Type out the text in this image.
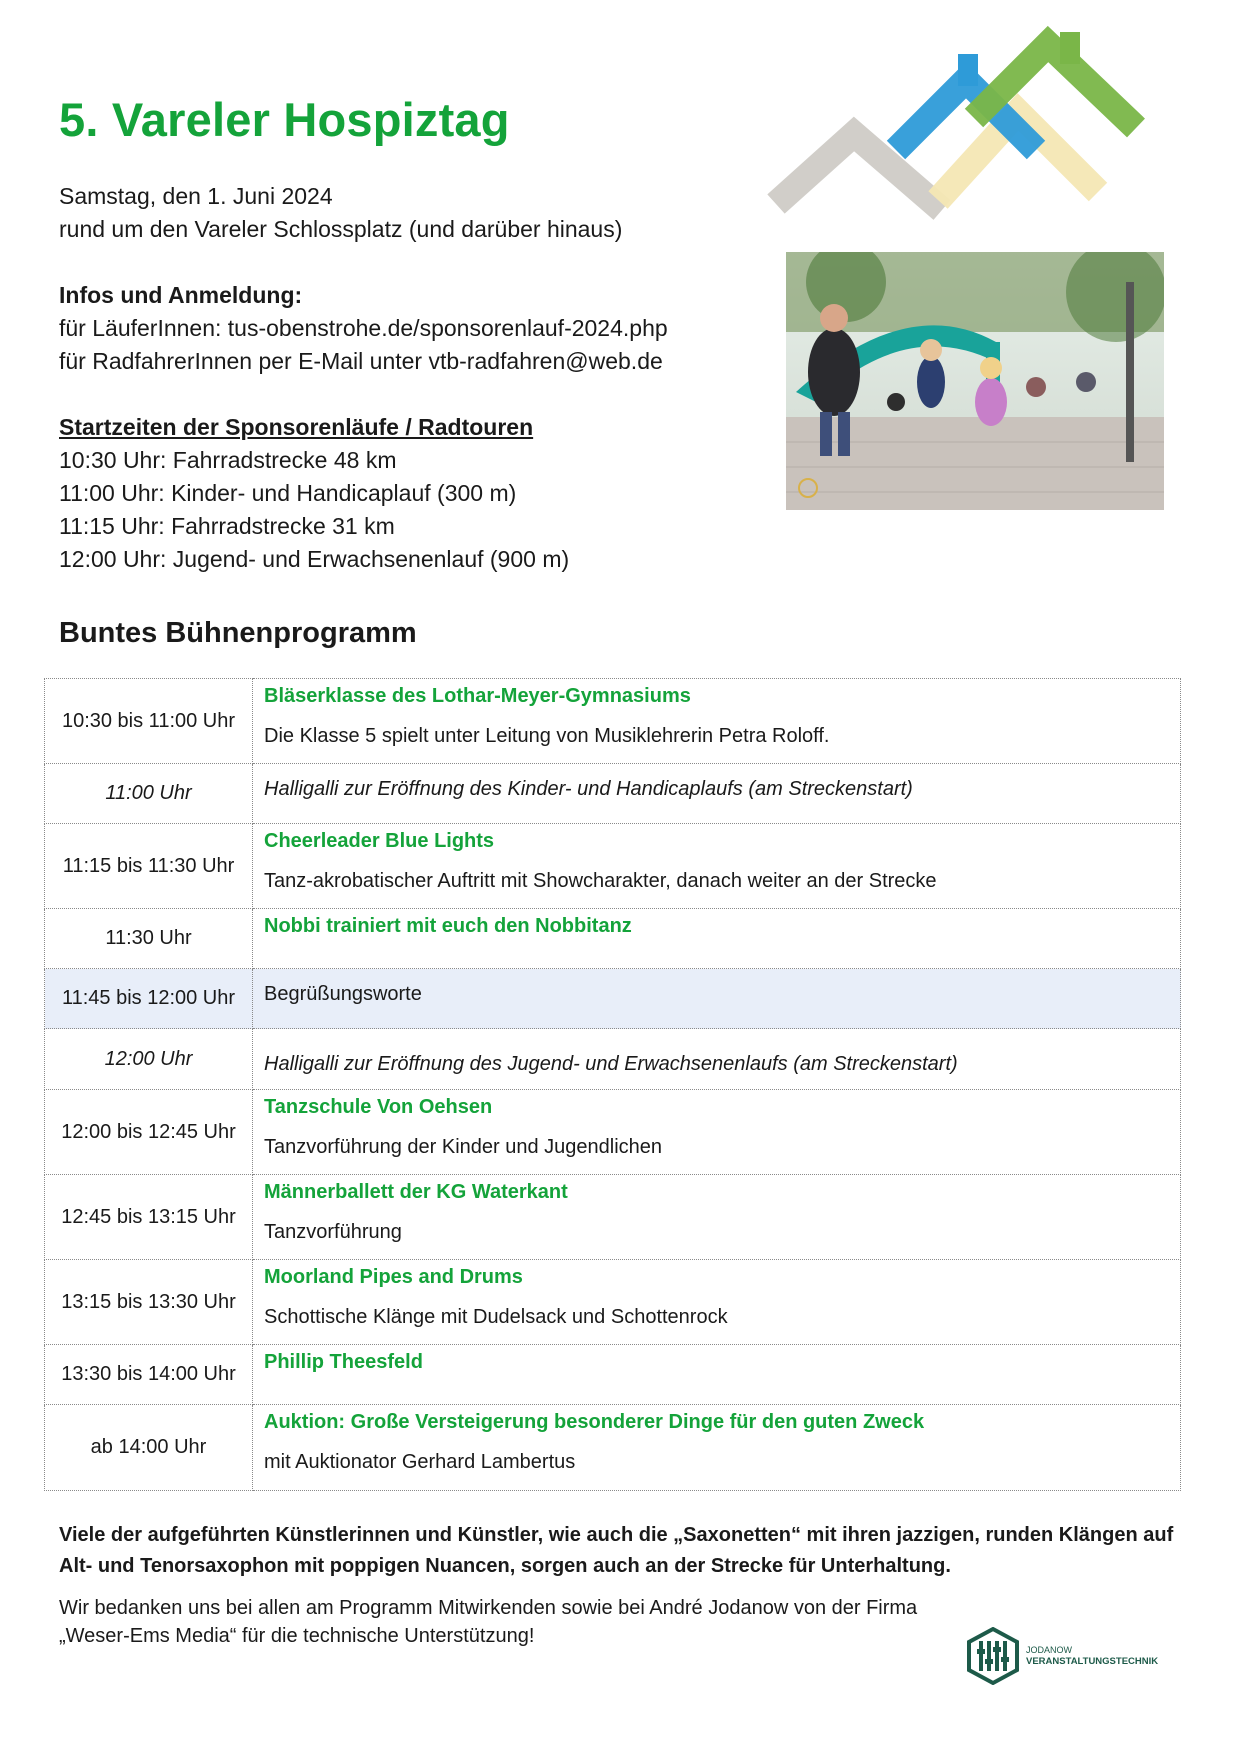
5. Vareler Hospiztag

Samstag, den 1. Juni 2024

rund um den Vareler Schlossplatz (und darüber hinaus)

Infos und Anmeldung:

für LäuferInnen: tus-obenstrohe.de/sponsorenlauf-2024.php

für RadfahrerInnen per E-Mail unter vtb-radfahren@web.de

Startzeiten der Sponsorenläufe / Radtouren

10:30 Uhr: Fahrradstrecke 48 km

11:00 Uhr: Kinder- und Handicaplauf (300 m)

11:15 Uhr: Fahrradstrecke 31 km

12:00 Uhr: Jugend- und Erwachsenenlauf (900 m)

Buntes Bühnenprogramm
10:30 bis 11:00 Uhr	Bläserklasse des Lothar-Meyer-Gymnasiums
Die Klasse 5 spielt unter Leitung von Musiklehrerin Petra Roloff.

11:00 Uhr	Halligalli zur Eröffnung des Kinder- und Handicaplaufs (am Streckenstart)

11:15 bis 11:30 Uhr	Cheerleader Blue Lights
Tanz-akrobatischer Auftritt mit Showcharakter, danach weiter an der Strecke

11:30 Uhr	Nobbi trainiert mit euch den Nobbitanz

11:45 bis 12:00 Uhr	Begrüßungsworte

12:00 Uhr	Halligalli zur Eröffnung des Jugend- und Erwachsenenlaufs (am Streckenstart)

12:00 bis 12:45 Uhr	Tanzschule Von Oehsen
Tanzvorführung der Kinder und Jugendlichen

12:45 bis 13:15 Uhr	Männerballett der KG Waterkant
Tanzvorführung

13:15 bis 13:30 Uhr	Moorland Pipes and Drums
Schottische Klänge mit Dudelsack und Schottenrock

13:30 bis 14:00 Uhr	Phillip Theesfeld

ab 14:00 Uhr	Auktion: Große Versteigerung besonderer Dinge für den guten Zweck
mit Auktionator Gerhard Lambertus

Viele der aufgeführten Künstlerinnen und Künstler, wie auch die „Saxonetten“ mit ihren jazzigen, runden Klängen auf Alt- und Tenorsaxophon mit poppigen Nuancen, sorgen auch an der Strecke für Unterhaltung.

Wir bedanken uns bei allen am Programm Mitwirkenden sowie bei André Jodanow von der Firma „Weser-Ems Media“ für die technische Unterstützung!

JODANOW
VERANSTALTUNGSTECHNIK
